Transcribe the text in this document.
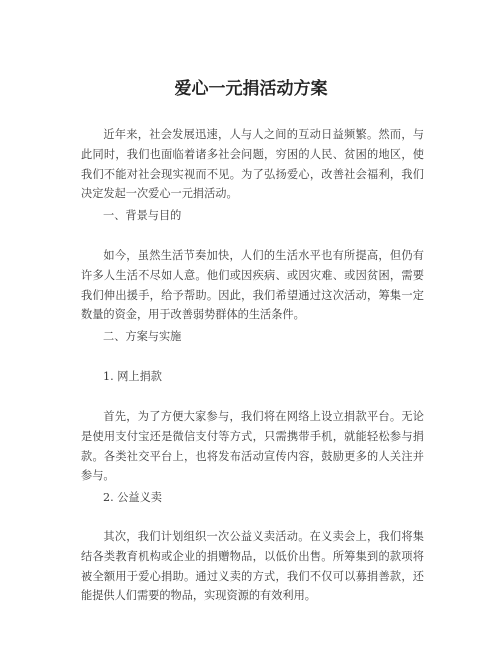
爱心一元捐活动方案

近年来，社会发展迅速，人与人之间的互动日益频繁。然而，与此同时，我们也面临着诸多社会问题，穷困的人民、贫困的地区，使我们不能对社会现实视而不见。为了弘扬爱心，改善社会福利，我们决定发起一次爱心一元捐活动。

一、背景与目的

如今，虽然生活节奏加快，人们的生活水平也有所提高，但仍有许多人生活不尽如人意。他们或因疾病、或因灾难、或因贫困，需要我们伸出援手，给予帮助。因此，我们希望通过这次活动，筹集一定数量的资金，用于改善弱势群体的生活条件。

二、方案与实施

1. 网上捐款

首先，为了方便大家参与，我们将在网络上设立捐款平台。无论是使用支付宝还是微信支付等方式，只需携带手机，就能轻松参与捐款。各类社交平台上，也将发布活动宣传内容，鼓励更多的人关注并参与。

2. 公益义卖

其次，我们计划组织一次公益义卖活动。在义卖会上，我们将集结各类教育机构或企业的捐赠物品，以低价出售。所筹集到的款项将被全额用于爱心捐助。通过义卖的方式，我们不仅可以募捐善款，还能提供人们需要的物品，实现资源的有效利用。
